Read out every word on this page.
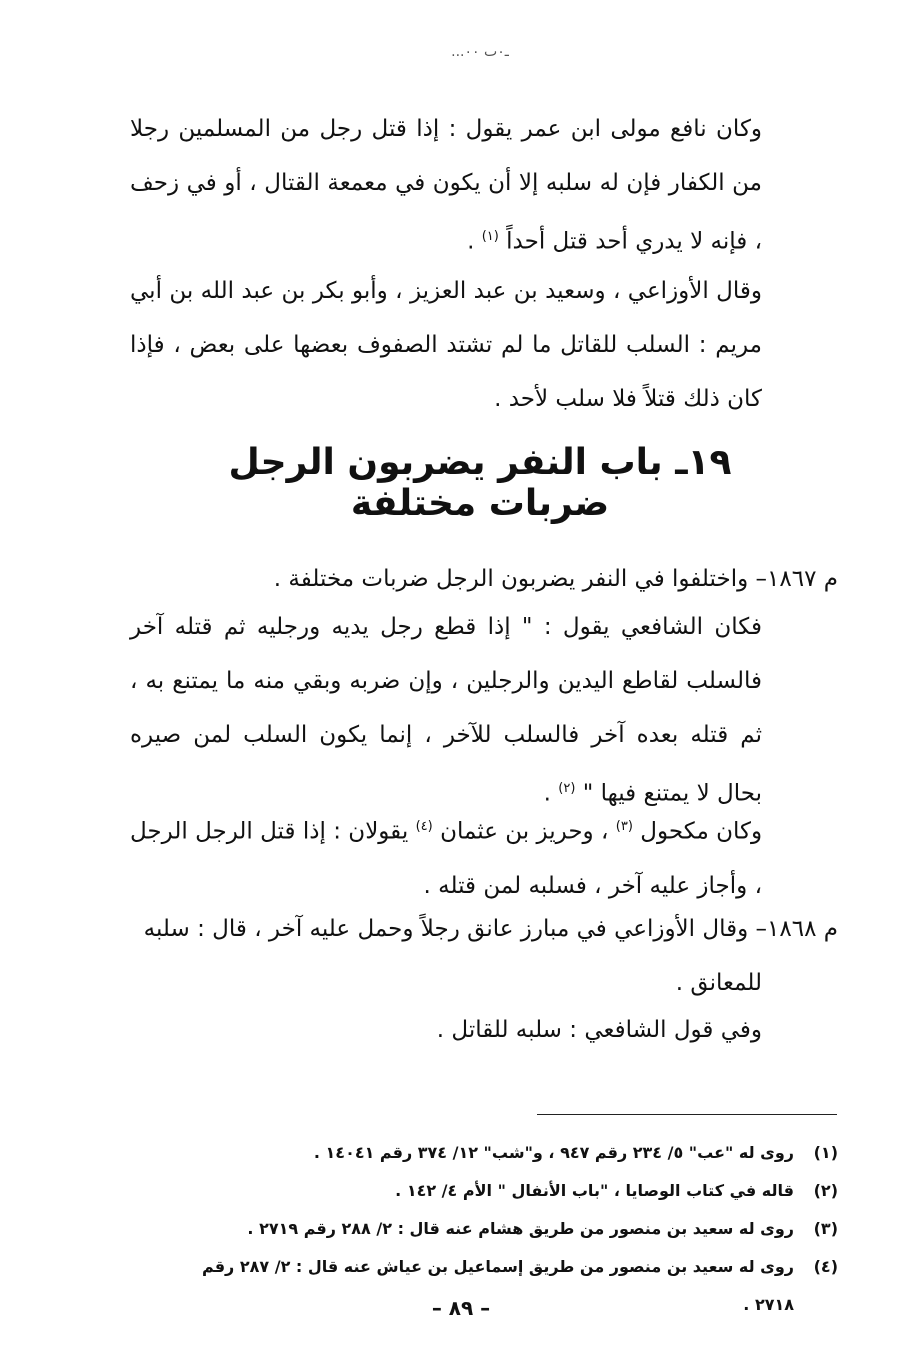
...ـ٠ٮ ٠٠
وكان نافع مولى ابن عمر يقول : إذا قتل رجل من المسلمين رجلا من الكفار فإن له سلبه إلا أن يكون في معمعة القتال ، أو في زحف ، فإنه لا يدري أحد قتل أحداً $^{(١)}$ .
وقال الأوزاعي ، وسعيد بن عبد العزيز ، وأبو بكر بن عبد الله بن أبي مريم : السلب للقاتل ما لم تشتد الصفوف بعضها على بعض ، فإذا كان ذلك قتلاً فلا سلب لأحد .
١٩ـ باب النفر يضربون الرجل ضربات مختلفة
م ١٨٦٧– واختلفوا في النفر يضربون الرجل ضربات مختلفة .
فكان الشافعي يقول : " إذا قطع رجل يديه ورجليه ثم قتله آخر فالسلب لقاطع اليدين والرجلين ، وإن ضربه وبقي منه ما يمتنع به ، ثم قتله بعده آخر فالسلب للآخر ، إنما يكون السلب لمن صيره بحال لا يمتنع فيها " $^{(٢)}$ .
وكان مكحول $^{(٣)}$ ، وحريز بن عثمان $^{(٤)}$ يقولان : إذا قتل الرجل الرجل ، وأجاز عليه آخر ، فسلبه لمن قتله .
م ١٨٦٨– وقال الأوزاعي في مبارز عانق رجلاً وحمل عليه آخر ، قال : سلبه
للمعانق .
وفي قول الشافعي : سلبه للقاتل .
(١)
روى له "عب" ٥/ ٢٣٤ رقم ٩٤٧ ، و"شب" ١٢/ ٣٧٤ رقم ١٤٠٤١ .
(٢)
قاله في كتاب الوصايا ، "باب الأنفال " الأم ٤/ ١٤٢ .
(٣)
روى له سعيد بن منصور من طريق هشام عنه قال : ٢/ ٢٨٨ رقم ٢٧١٩ .
(٤)
روى له سعيد بن منصور من طريق إسماعيل بن عياش عنه قال : ٢/ ٢٨٧ رقم ٢٧١٨ .
– ٨٩ –
